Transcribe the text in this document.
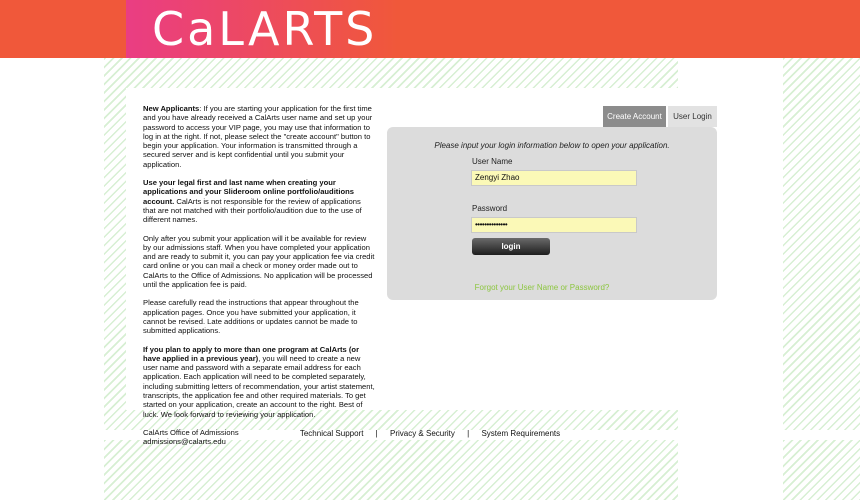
CaLARTS

New Applicants: If you are starting your application for the first time and you have already received a CalArts user name and set up your password to access your VIP page, you may use that information to log in at the right. If not, please select the "create account" button to begin your application. Your information is transmitted through a secured server and is kept confidential until you submit your application.

Use your legal first and last name when creating your applications and your Slideroom online portfolio/auditions account. CalArts is not responsible for the review of applications that are not matched with their portfolio/audition due to the use of different names.

Only after you submit your application will it be available for review by our admissions staff. When you have completed your application and are ready to submit it, you can pay your application fee via credit card online or you can mail a check or money order made out to CalArts to the Office of Admissions. No application will be processed until the application fee is paid.

Please carefully read the instructions that appear throughout the application pages. Once you have submitted your application, it cannot be revised. Late additions or updates cannot be made to submitted applications.

If you plan to apply to more than one program at CalArts (or have applied in a previous year), you will need to create a new user name and password with a separate email address for each application. Each application will need to be completed separately, including submitting letters of recommendation, your artist statement, transcripts, the application fee and other required materials. To get started on your application, create an account to the right. Best of luck. We look forward to reviewing your application.

CalArts Office of Admissions
admissions@calarts.edu

Create Account	User Login
Please input your login information below to open your application.
User Name
Zengyi Zhao
Password
••••••••••••••
login
Forgot your User Name or Password?
Technical Support | Privacy & Security | System Requirements
